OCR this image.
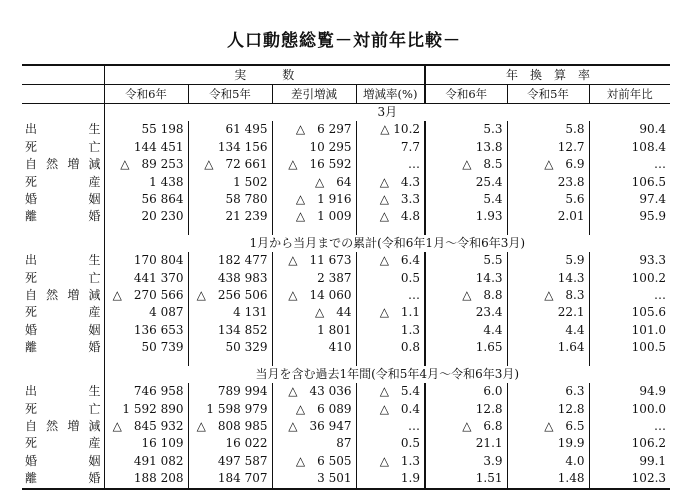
人口動態総覧－対前年比較－
	実　　　数				年　換　算　率		
	令和6年	令和5年	差引増減	増減率(%)	令和6年	令和5年	対前年比
	3月						

出 生	55 198	61 495	△　6 297	△ 10.2	5.3	5.8	90.4

死 亡	144 451	134 156	10 295	7.7	13.8	12.7	108.4

自 然 増 減	△　89 253	△　72 661	△　16 592	…	△　8.5	△　6.9	…

死 産	1 438	1 502	△　64	△　4.3	25.4	23.8	106.5

婚 姻	56 864	58 780	△　1 916	△　3.3	5.4	5.6	97.4

離 婚	20 230	21 239	△　1 009	△　4.8	1.93	2.01	95.9

	1月から当月までの累計(令和6年1月～令和6年3月)						

出 生	170 804	182 477	△　11 673	△　6.4	5.5	5.9	93.3

死 亡	441 370	438 983	2 387	0.5	14.3	14.3	100.2

自 然 増 減	△　270 566	△　256 506	△　14 060	…	△　8.8	△　8.3	…

死 産	4 087	4 131	△　44	△　1.1	23.4	22.1	105.6

婚 姻	136 653	134 852	1 801	1.3	4.4	4.4	101.0

離 婚	50 739	50 329	410	0.8	1.65	1.64	100.5

	当月を含む過去1年間(令和5年4月～令和6年3月)						

出 生	746 958	789 994	△　43 036	△　5.4	6.0	6.3	94.9

死 亡	1 592 890	1 598 979	△　6 089	△　0.4	12.8	12.8	100.0

自 然 増 減	△　845 932	△　808 985	△　36 947	…	△　6.8	△　6.5	…

死 産	16 109	16 022	87	0.5	21.1	19.9	106.2

婚 姻	491 082	497 587	△　6 505	△　1.3	3.9	4.0	99.1

離 婚	188 208	184 707	3 501	1.9	1.51	1.48	102.3
